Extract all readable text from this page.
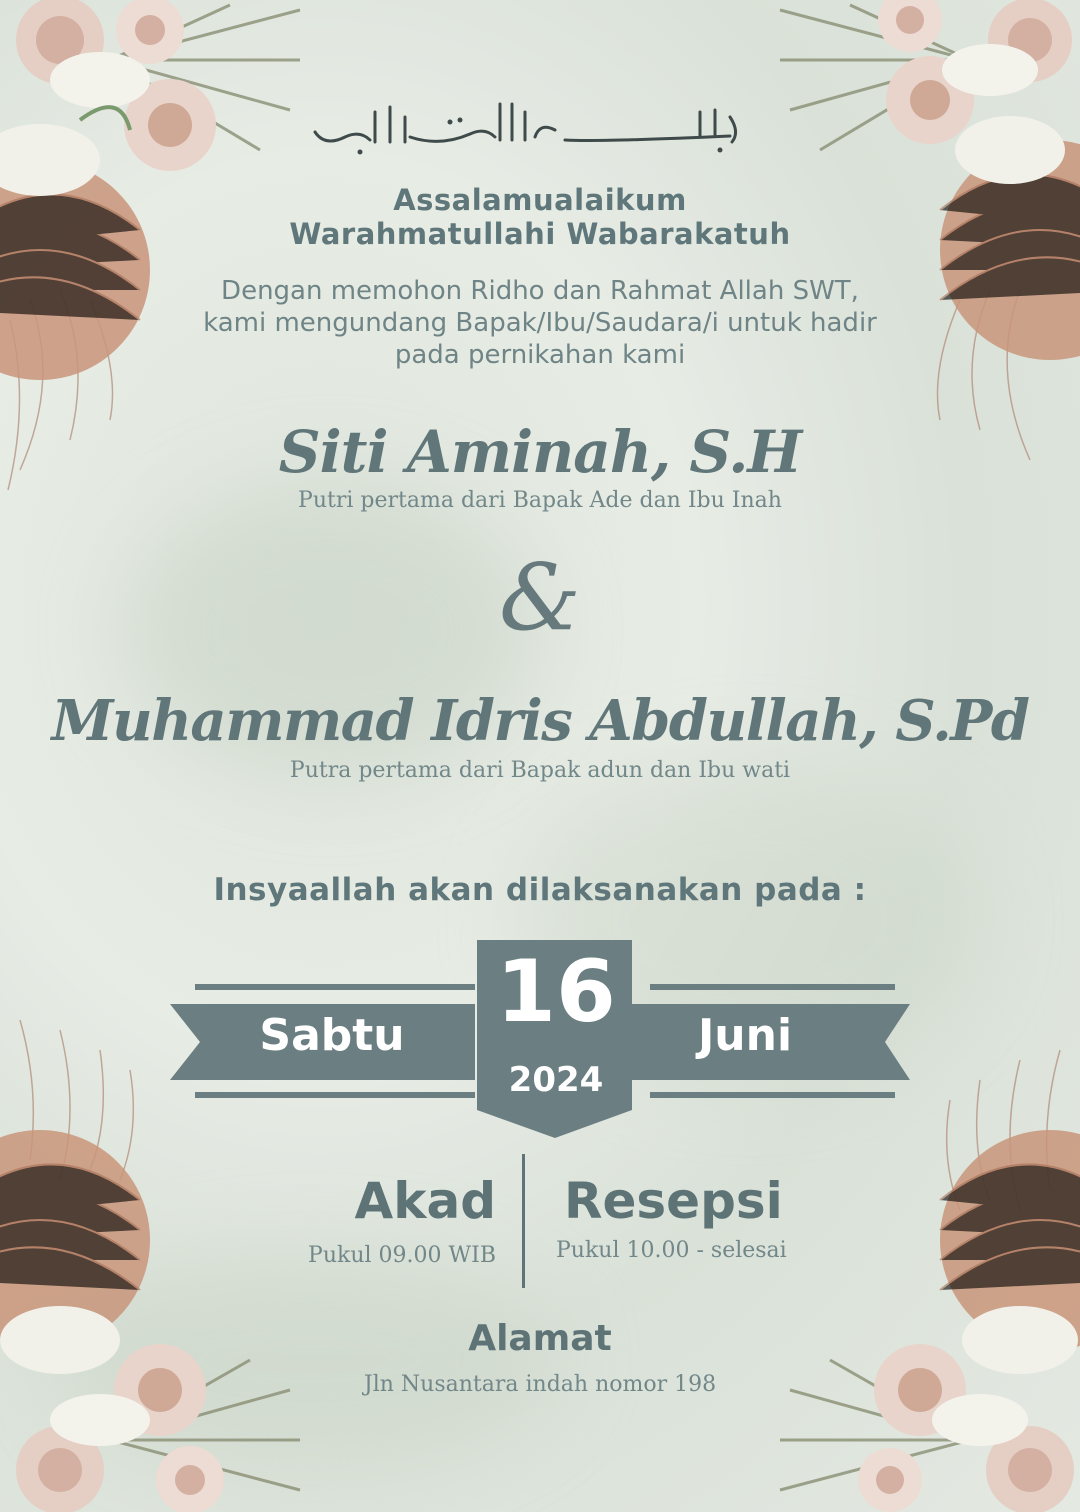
Assalamualaikum
Warahmatullahi Wabarakatuh
Dengan memohon Ridho dan Rahmat Allah SWT,
kami mengundang Bapak/Ibu/Saudara/i untuk hadir
pada pernikahan kami
Siti Aminah, S.H
Putri pertama dari Bapak Ade dan Ibu Inah
&
Muhammad Idris Abdullah, S.Pd
Putra pertama dari Bapak adun dan Ibu wati
Insyaallah akan dilaksanakan pada :
Sabtu	16
2024
Juni
Akad
Pukul 09.00 WIB
Resepsi
Pukul 10.00 - selesai
Alamat
Jln Nusantara indah nomor 198
